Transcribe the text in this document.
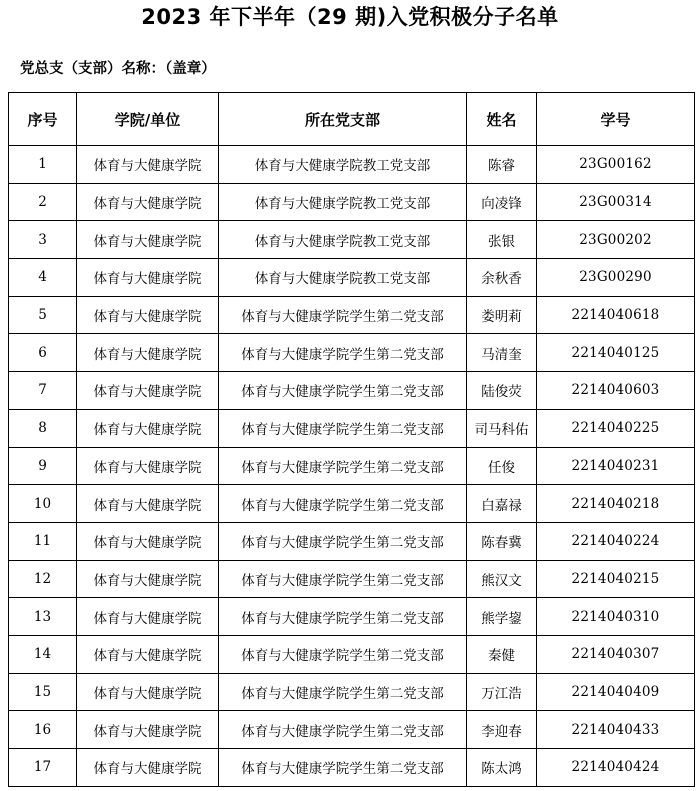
2023 年下半年（29 期)入党积极分子名单
党总支（支部）名称：（盖章）
序号	学院/单位	所在党支部	姓名	学号
1	体育与大健康学院	体育与大健康学院教工党支部	陈睿	23G00162
2	体育与大健康学院	体育与大健康学院教工党支部	向凌锋	23G00314
3	体育与大健康学院	体育与大健康学院教工党支部	张银	23G00202
4	体育与大健康学院	体育与大健康学院教工党支部	余秋香	23G00290
5	体育与大健康学院	体育与大健康学院学生第二党支部	娄明莉	2214040618
6	体育与大健康学院	体育与大健康学院学生第二党支部	马清奎	2214040125
7	体育与大健康学院	体育与大健康学院学生第二党支部	陆俊荧	2214040603
8	体育与大健康学院	体育与大健康学院学生第二党支部	司马科佑	2214040225
9	体育与大健康学院	体育与大健康学院学生第二党支部	任俊	2214040231
10	体育与大健康学院	体育与大健康学院学生第二党支部	白嘉禄	2214040218
11	体育与大健康学院	体育与大健康学院学生第二党支部	陈春冀	2214040224
12	体育与大健康学院	体育与大健康学院学生第二党支部	熊汉文	2214040215
13	体育与大健康学院	体育与大健康学院学生第二党支部	熊学鋆	2214040310
14	体育与大健康学院	体育与大健康学院学生第二党支部	秦健	2214040307
15	体育与大健康学院	体育与大健康学院学生第二党支部	万江浩	2214040409
16	体育与大健康学院	体育与大健康学院学生第二党支部	李迎春	2214040433
17	体育与大健康学院	体育与大健康学院学生第二党支部	陈太鸿	2214040424
